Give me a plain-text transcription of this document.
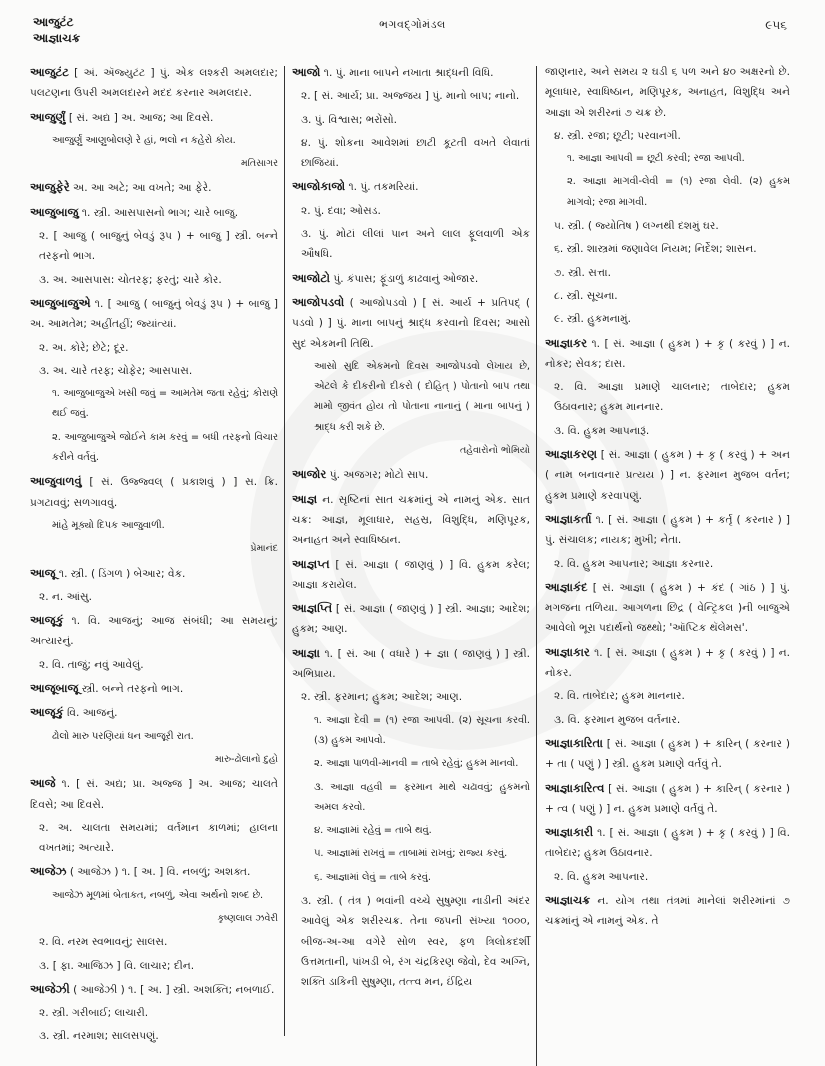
આજુટંટ
આજ્ઞાચક્ર
ભગવદ્ગોમંડલ	૯૫૬
આજુટંટ [ અં. ઍજ્યુટંટ ] પું. એક લશ્કરી અમલદાર; પલટણના ઉપરી અમલદારને મદદ કરનાર અમલદાર.
આજુર્ણું [ સં. અદ્ય ] અ. આજ; આ દિવસે.
આજુર્ણું આણુબોલણે રે હાં, ભલો ન કહેરો કોય.
મતિસાગર
આજુફેરે અ. આ અટે; આ વખતે; આ ફેરે.
આજુબાજુ ૧. સ્ત્રી. આસપાસનો ભાગ; ચારે બાજુ.
૨. [ આજુ ( બાજુનું બેવડું રૂપ ) + બાજુ ] સ્ત્રી. બન્ને તરફનો ભાગ.
૩. અ. આસપાસ: ચોતરફ; ફરતું; ચારે કોર.
આજુબાજુએ ૧. [ આજુ ( બાજુનું બેવડું રૂપ ) + બાજુ ] અ. આમતેમ; અહીંતહીં; જ્યાંત્યાં.
૨. અ. કોરે; છેટે; દૂર.
૩. અ. ચારે તરફ; ચોફેર; આસપાસ.
૧. આજુબાજુએ ખસી જવું = આમતેમ જતા રહેવું; કોરાણે થઈ જવું.
૨. આજુબાજુએ જોઈને કામ કરવું = બધી તરફનો વિચાર કરીને વર્તવું.
આજુવાળવું [ સં. ઉજ્જ્વલ્ ( પ્રકાશવું ) ] સ. ક્રિ. પ્રગટાવવું; સળગાવવું.
માંહે મૂક્યો દિપક આજુવાળી.
પ્રેમાનંદ
આજૂ ૧. સ્ત્રી. ( ડિંગળ ) બેઆર; વેક.
૨. ન. આંસુ.
આજૂકું ૧. વિ. આજનું; આજ સંબંધી; આ સમયનું; અત્યારનું.
૨. વિ. તાજું; નવું આવેલું.
આજૂબાજૂ સ્ત્રી. બન્ને તરફનો ભાગ.
આજૂકું વિ. આજનું.
ઢોલો મારુ પરણિયાં ધન આજૂરી રાત.
મારુ-ઢોલાનો દુહો
આજે ૧. [ સં. અદ્ય; પ્રા. અજ્જ ] અ. આજ; ચાલતે દિવસે; આ દિવસે.
૨. અ. ચાલતા સમયમાં; વર્તમાન કાળમાં; હાલના વખતમાં; અત્યારે.
આજેઝ ( આજેઝ ) ૧. [ અ. ] વિ. નબળું; અશક્ત.
આજેઝ મૂળમાં બેતાકત, નબળું, એવા અર્થનો શબ્દ છે.
કૃષ્ણલાલ ઝવેરી
૨. વિ. નરમ સ્વભાવનું; સાલસ.
૩. [ ફા. આજિઝ ] વિ. લાચાર; દીન.
આજેઝી ( આજેઝી ) ૧. [ અ. ] સ્ત્રી. અશક્તિ; નબળાઈ.
૨. સ્ત્રી. ગરીબાઈ; લાચારી.
૩. સ્ત્રી. નરમાશ; સાલસપણું.
આજો ૧. પું. માના બાપને નખાતા શ્રાદ્ધની વિધિ.
૨. [ સં. આર્ય; પ્રા. અજ્જય ] પું. માનો બાપ; નાનો.
૩. પું. વિશ્વાસ; ભરોંસો.
૪. પું. શોકના આવેશમાં છાટી કૂટતી વખતે લેવાતાં છાજિયાં.
આજોકાજો ૧. પું. તકમરિયાં.
૨. પું. દવા; ઓસડ.
૩. પું. મોટાં લીલાં પાન અને લાલ ફૂલવાળી એક ઔષધિ.
આજોટો પું. કંપાસ; ફૂંડાળું કાઢવાનું ઓજાર.
આજોપડવો ( આજોપડવો ) [ સં. આર્ય + પ્રતિપદ્ ( પડવો ) ] પું. માના બાપનું શ્રાદ્ધ કરવાનો દિવસ; આસો સુદ એકમની તિથિ.
આસો સુદિ એકમનો દિવસ આજોપડવો લેખાય છે, એટલે કે દીકરીનો દીકરો ( દોહિત્ ) પોતાનો બાપ તથા મામો જીવંત હોય તો પોતાના નાનાનું ( માના બાપનું ) શ્રાદ્ધ કરી શકે છે.
તહેવારોનો ભોમિયો
આજોર પું. અજગર; મોટો સાપ.
આજ્ઞ ન. સૃષ્ટિનાં સાત ચક્રમાંનું એ નામનું એક. સાત ચક્ર: આજ્ઞ, મૂલાધાર, સહસ્ર, વિશુદ્ધિ, મણિપૂરક, અનાહત અને સ્વાધિષ્ઠાન.
આજ્ઞપ્ત [ સં. આજ્ઞા ( જાણવું ) ] વિ. હુકમ કરેલ; આજ્ઞા કરાયેલ.
આજ્ઞપ્તિ [ સં. આજ્ઞા ( જાણવું ) ] સ્ત્રી. આજ્ઞા; આદેશ; હુકમ; આણ.
આજ્ઞા ૧. [ સં. આ ( વધારે ) + જ્ઞા ( જાણવું ) ] સ્ત્રી. અભિપ્રાય.
૨. સ્ત્રી. ફરમાન; હુકમ; આદેશ; આણ.
૧. આજ્ઞા દેવી = (૧) રજા આપવી. (૨) સૂચના કરવી. (૩) હુકમ આપવો.
૨. આજ્ઞા પાળવી-માનવી = તાબે રહેવું; હુકમ માનવો.
૩. આજ્ઞા વહવી = ફરમાન માથે ચઢાવવું; હુકમનો અમલ કરવો.
૪. આજ્ઞામાં રહેવું = તાબે થવું.
૫. આજ્ઞામાં રાખવું = તાબામાં રાખવું; રાજ્ય કરવું.
૬. આજ્ઞામાં લેવું = તાબે કરવું.
૩. સ્ત્રી. ( તંત્ર ) ભવાંની વચ્ચે સુષુમ્ણા નાડીની અંદર આવેલું એક શરીરચક્ર. તેના જપની સંખ્યા ૧૦૦૦, બીજ-અ-આ વગેરે સોળ સ્વર, ફળ ત્રિલોકદર્શી ઉત્તમતાની, પાંખડી બે, રંગ ચંદ્રકિરણ જેવો, દેવ અગ્નિ, શક્તિ ડાકિની સુષુમ્ણા, તત્ત્વ મન, ઈંદ્રિય
જાણનાર, અને સમય ૨ ઘડી ૬ પળ અને ૪૦ અક્ષરનો છે. મૂલાધાર, સ્વાધિષ્ઠાન, મણિપૂરક, અનાહત, વિશુદ્ધિ અને આજ્ઞા એ શરીરનાં ૭ ચક્ર છે.
૪. સ્ત્રી. રજા; છૂટી; પરવાનગી.
૧. આજ્ઞા આપવી = છૂટી કરવી; રજા આપવી.
૨. આજ્ઞા માગવી-લેવી = (૧) રજા લેવી. (૨) હુકમ માગવો; રજા માગવી.
૫. સ્ત્રી. ( જ્યોતિષ ) લગ્નથી દશમું ઘર.
૬. સ્ત્રી. શાસ્ત્રમાં જણાવેલ નિયમ; નિર્દેશ; શાસન.
૭. સ્ત્રી. સત્તા.
૮. સ્ત્રી. સૂચના.
૯. સ્ત્રી. હુકમનામું.
આજ્ઞાકર ૧. [ સં. આજ્ઞા ( હુકમ ) + કૃ ( કરવું ) ] ન. નોકર; સેવક; દાસ.
૨. વિ. આજ્ઞા પ્રમાણે ચાલનાર; તાબેદાર; હુકમ ઉઠાવનાર; હુકમ માનનાર.
૩. વિ. હુકમ આપનારૂં.
આજ્ઞાકરણ [ સં. આજ્ઞા ( હુકમ ) + કૃ ( કરવું ) + અન ( નામ બનાવનાર પ્રત્યય ) ] ન. ફરમાન મુજબ વર્તન; હુકમ પ્રમાણે કરવાપણું.
આજ્ઞાકર્તા ૧. [ સં. આજ્ઞા ( હુકમ ) + કર્તૃ ( કરનાર ) ] પું. સંચાલક; નાયક; મુખી; નેતા.
૨. વિ. હુકમ આપનાર; આજ્ઞા કરનાર.
આજ્ઞાકંદ [ સં. આજ્ઞા ( હુકમ ) + કંદ ( ગાંઠ ) ] પું. મગજના તળિયા. આગળના છિદ્ર ( વેન્ટ્રિકલ )ની બાજુએ આવેલો ભૂરા પદાર્થનો જથ્થો; 'ઑપ્ટિક થૅલેમસ'.
આજ્ઞાકાર ૧. [ સં. આજ્ઞા ( હુકમ ) + કૃ ( કરવું ) ] ન. નોકર.
૨. વિ. તાબેદાર; હુકમ માનનાર.
૩. વિ. ફરમાન મુજબ વર્તનાર.
આજ્ઞાકારિતા [ સં. આજ્ઞા ( હુકમ ) + કારિન્ ( કરનાર ) + તા ( પણું ) ] સ્ત્રી. હુકમ પ્રમાણે વર્તવું તે.
આજ્ઞાકારિત્વ [ સં. આજ્ઞા ( હુકમ ) + કારિન્ ( કરનાર ) + ત્વ ( પણું ) ] ન. હુકમ પ્રમાણે વર્તવું તે.
આજ્ઞાકારી ૧. [ સં. આજ્ઞા ( હુકમ ) + કૃ ( કરવું ) ] વિ. તાબેદાર; હુકમ ઉઠાવનાર.
૨. વિ. હુકમ આપનાર.
આજ્ઞાચક્ર ન. યોગ તથા તંત્રમાં માનેલાં શરીરમાંનાં ૭ ચક્રમાંનું એ નામનું એક. તે
